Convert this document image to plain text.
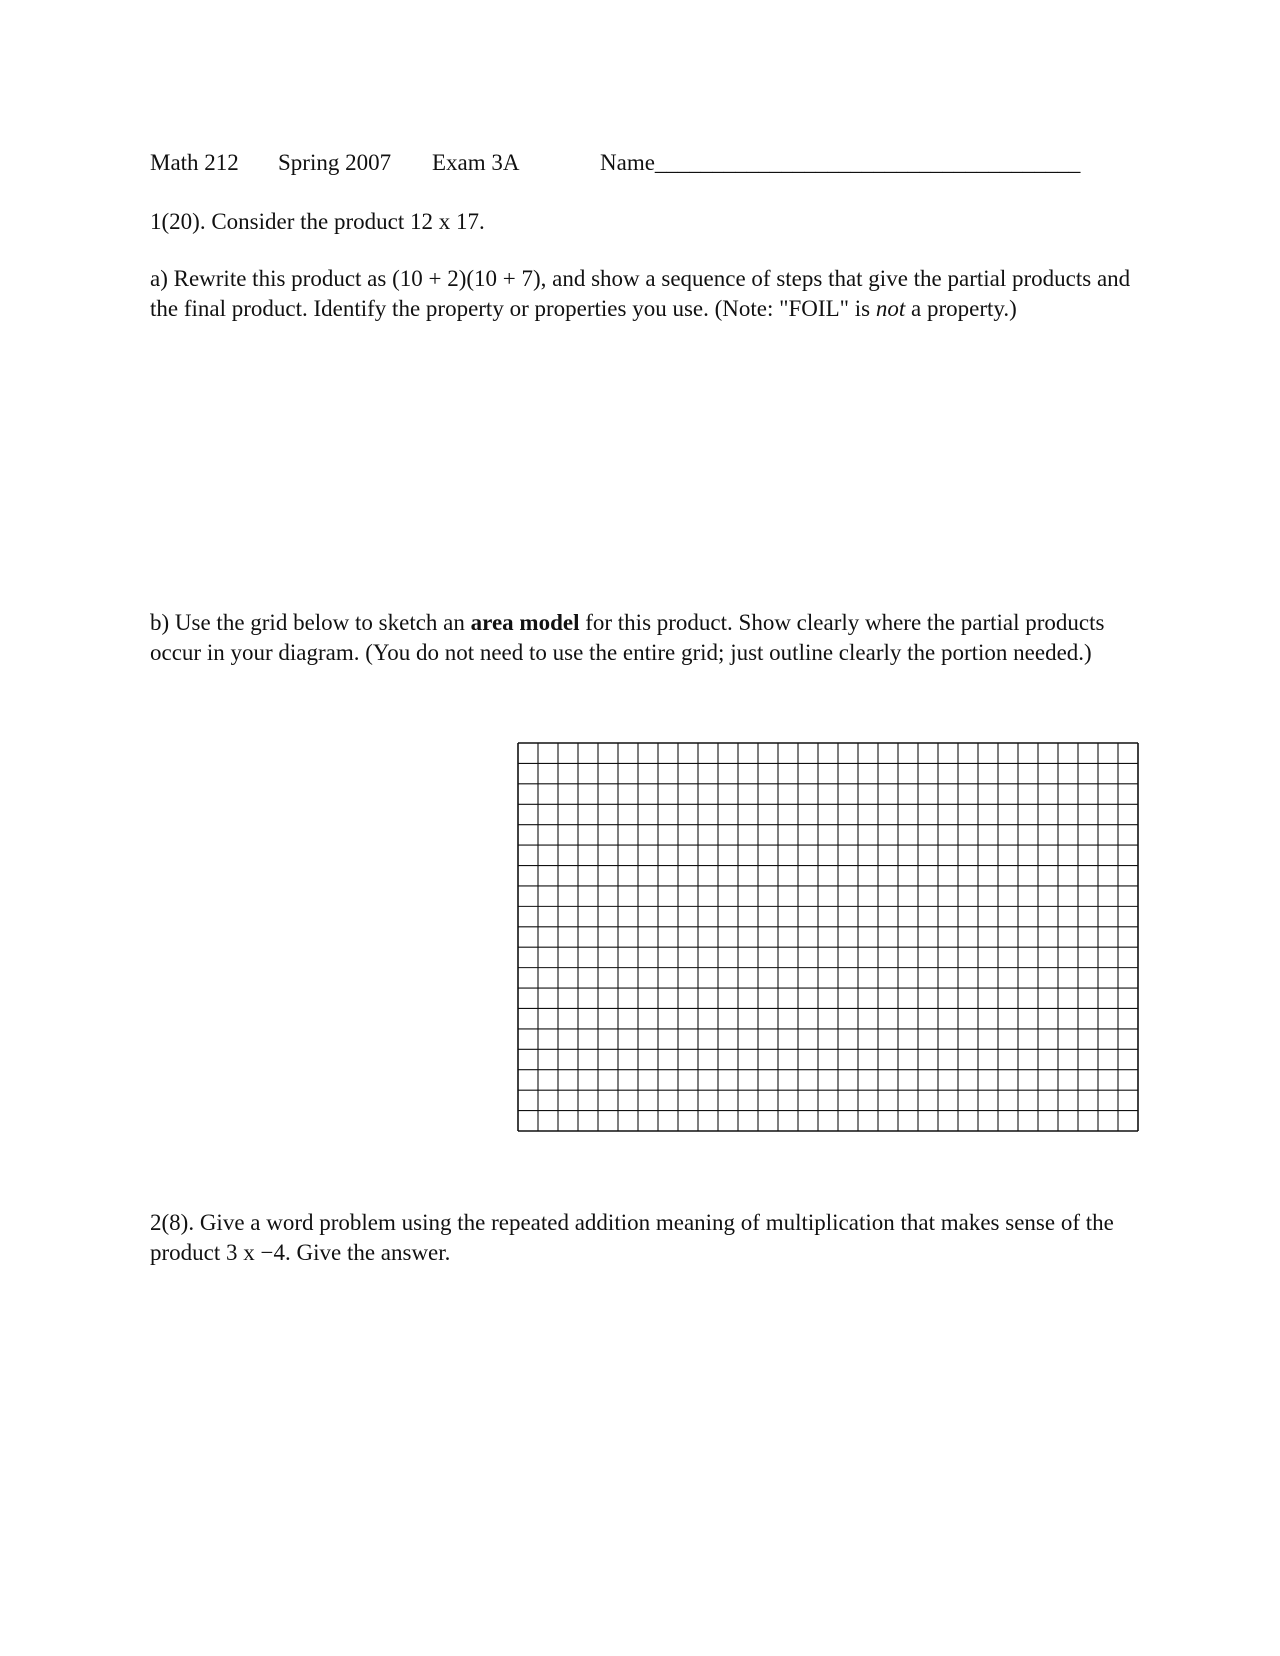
Math 212 Spring 2007 Exam 3A	Name_____________________________________
1(20). Consider the product 12 x 17.
a) Rewrite this product as (10 + 2)(10 + 7), and show a sequence of steps that give the partial products and the final product. Identify the property or properties you use. (Note: "FOIL" is not a property.)
b) Use the grid below to sketch an area model for this product. Show clearly where the partial products occur in your diagram. (You do not need to use the entire grid; just outline clearly the portion needed.)
2(8). Give a word problem using the repeated addition meaning of multiplication that makes sense of the product 3 x −4. Give the answer.
